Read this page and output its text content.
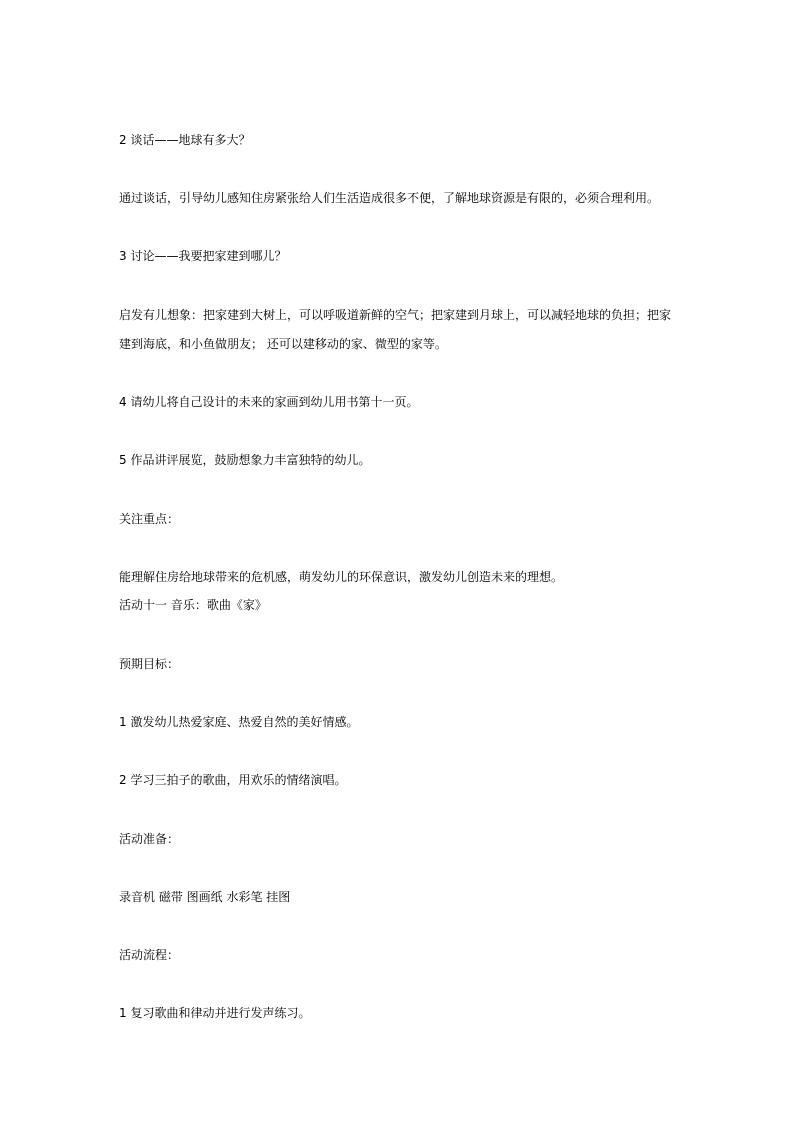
2 谈话——地球有多大？

通过谈话，引导幼儿感知住房紧张给人们生活造成很多不便，了解地球资源是有限的，必须合理利用。

3 讨论——我要把家建到哪儿？

启发有儿想象：把家建到大树上，可以呼吸道新鲜的空气；把家建到月球上，可以减轻地球的负担；把家

建到海底，和小鱼做朋友； 还可以建移动的家、微型的家等。

4 请幼儿将自己设计的未来的家画到幼儿用书第十一页。

5 作品讲评展览，鼓励想象力丰富独特的幼儿。

关注重点：

能理解住房给地球带来的危机感，萌发幼儿的环保意识，激发幼儿创造未来的理想。

活动十一 音乐：歌曲《家》

预期目标：

1 激发幼儿热爱家庭、热爱自然的美好情感。

2 学习三拍子的歌曲，用欢乐的情绪演唱。

活动准备：

录音机 磁带 图画纸 水彩笔 挂图

活动流程：

1 复习歌曲和律动并进行发声练习。
